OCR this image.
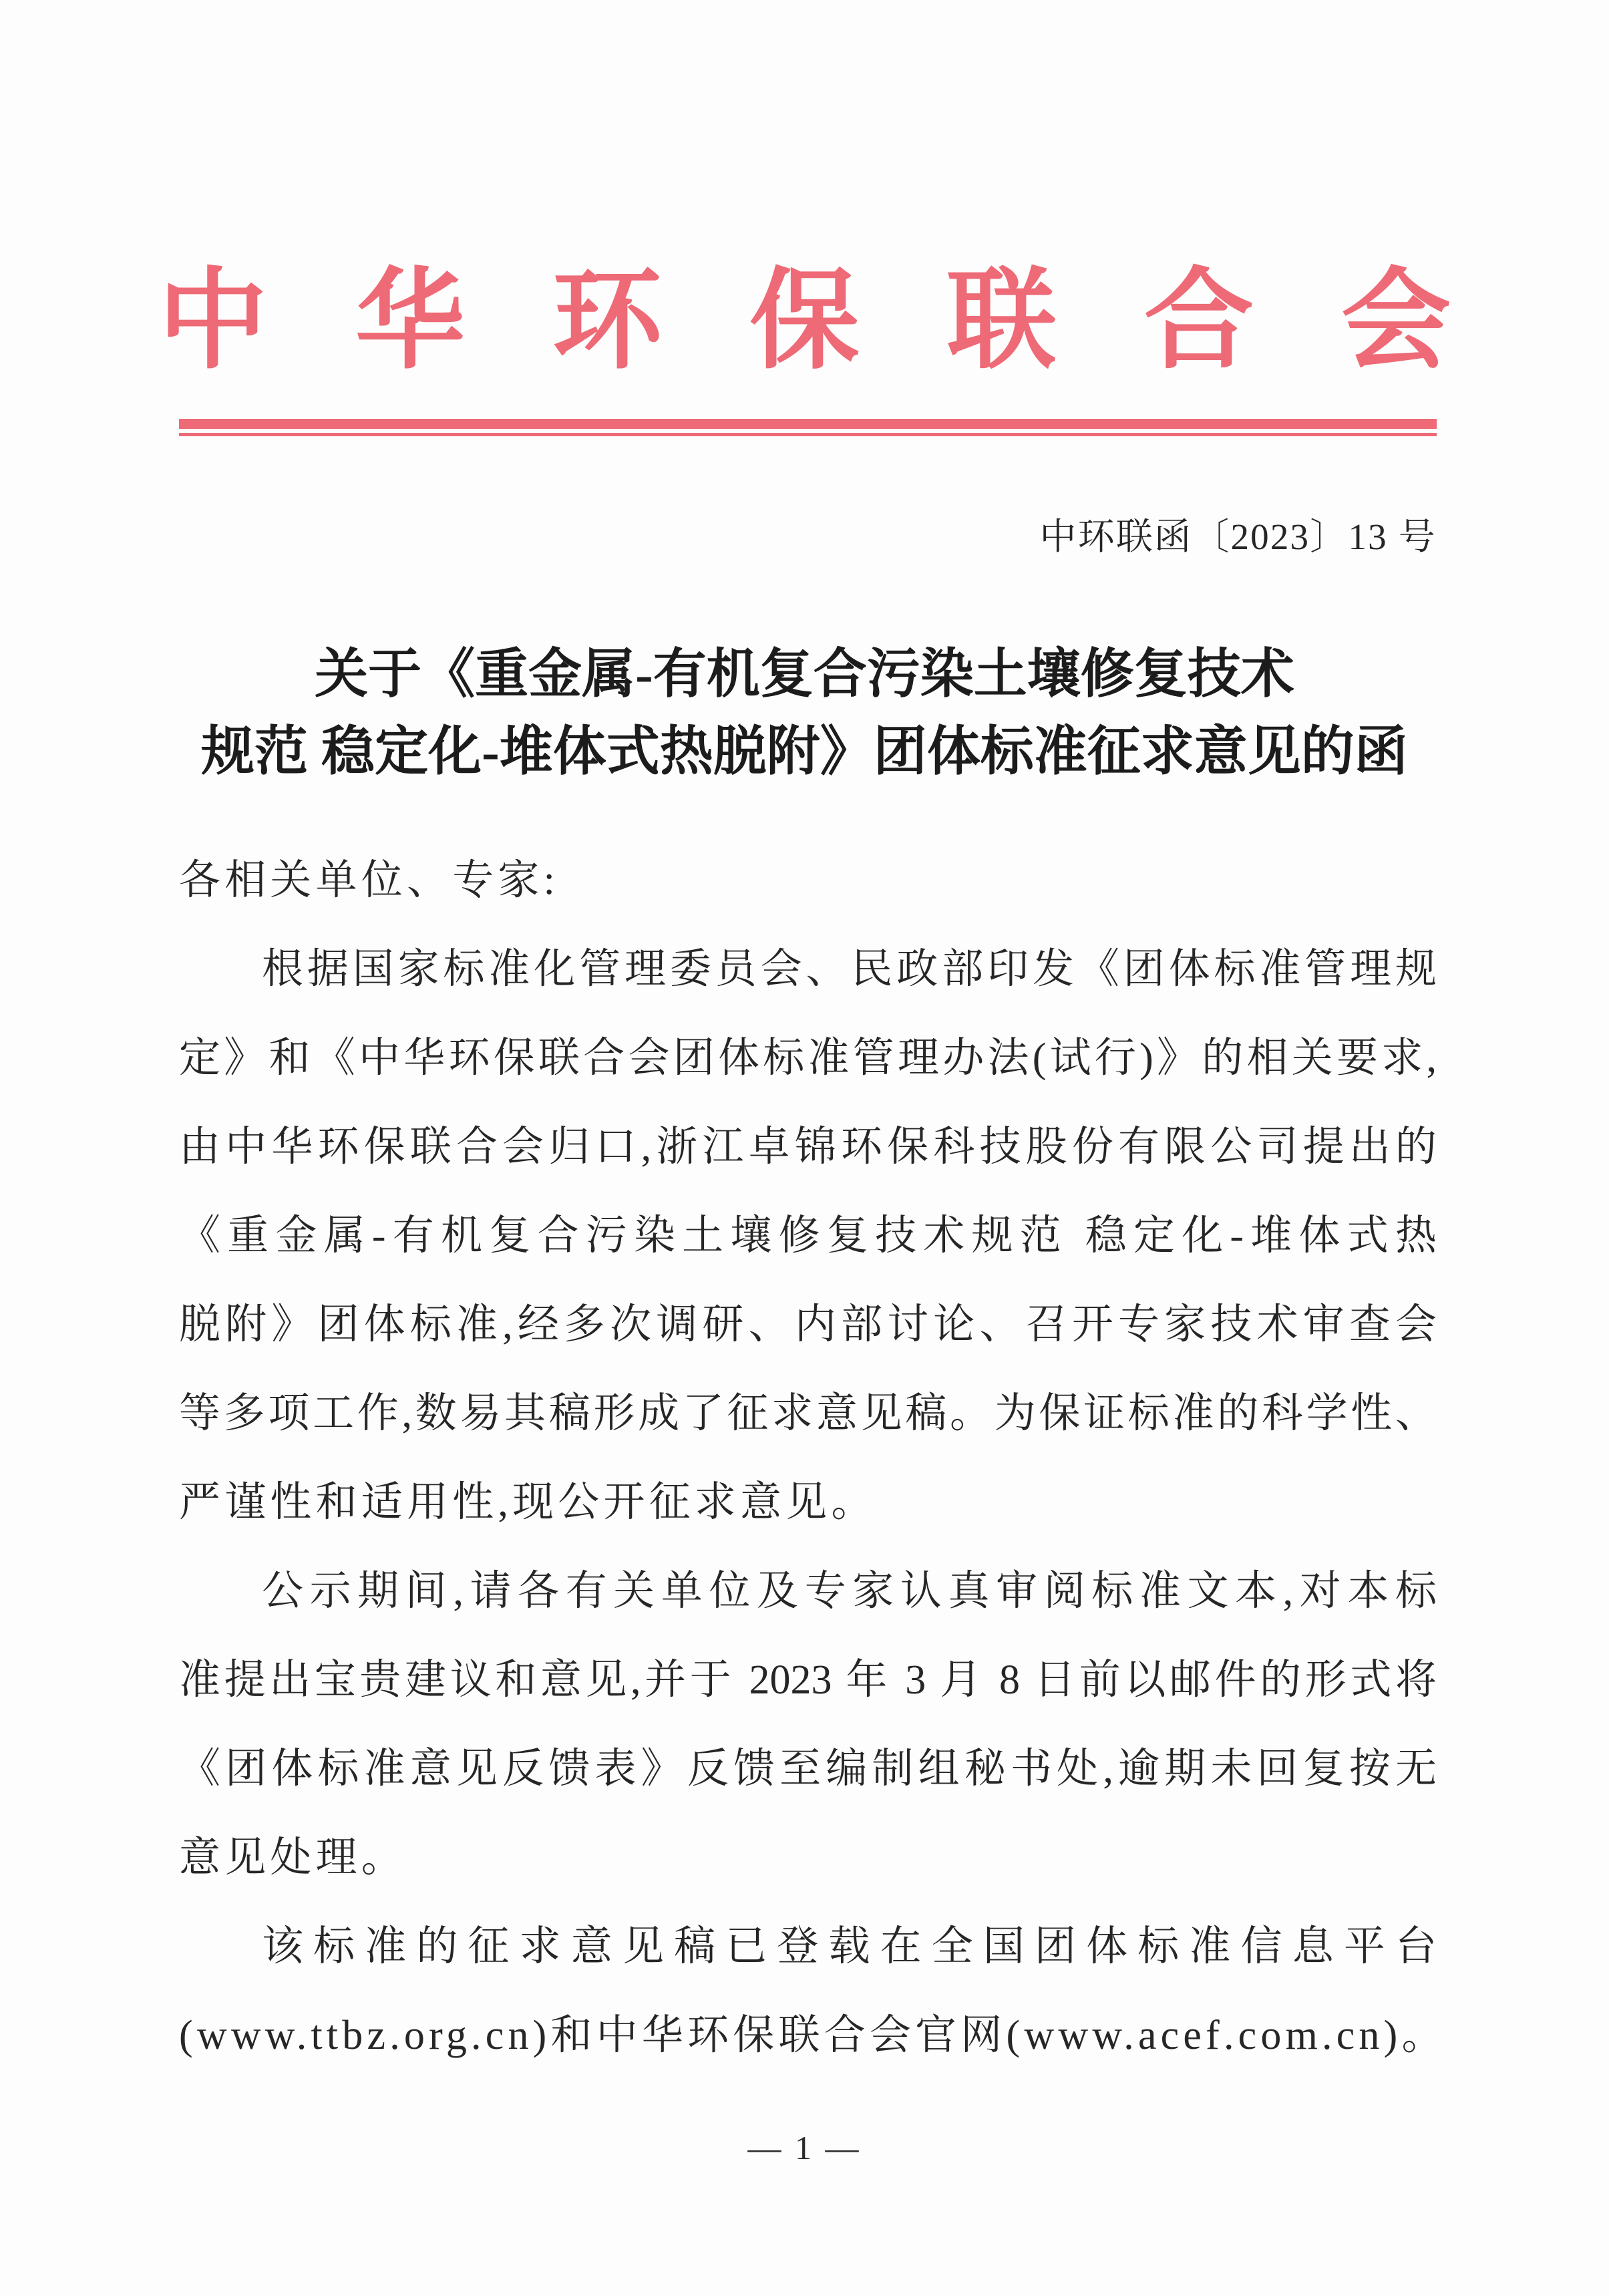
中华环保联合会
中环联函〔2023〕13 号
关于《重金属-有机复合污染土壤修复技术
规范 稳定化-堆体式热脱附》团体标准征求意见的函
各相关单位、专家:
根据国家标准化管理委员会、民政部印发《团体标准管理规
定》和《中华环保联合会团体标准管理办法(试行)》的相关要求,
由中华环保联合会归口,浙江卓锦环保科技股份有限公司提出的
《重金属-有机复合污染土壤修复技术规范 稳定化-堆体式热
脱附》团体标准,经多次调研、内部讨论、召开专家技术审查会
等多项工作,数易其稿形成了征求意见稿。为保证标准的科学性、
严谨性和适用性,现公开征求意见。
公示期间,请各有关单位及专家认真审阅标准文本,对本标
准提出宝贵建议和意见,并于 2023 年 3 月 8 日前以邮件的形式将
《团体标准意见反馈表》反馈至编制组秘书处,逾期未回复按无
意见处理。
该标准的征求意见稿已登载在全国团体标准信息平台
(www.ttbz.org.cn)和中华环保联合会官网(www.acef.com.cn)。
— 1 —
